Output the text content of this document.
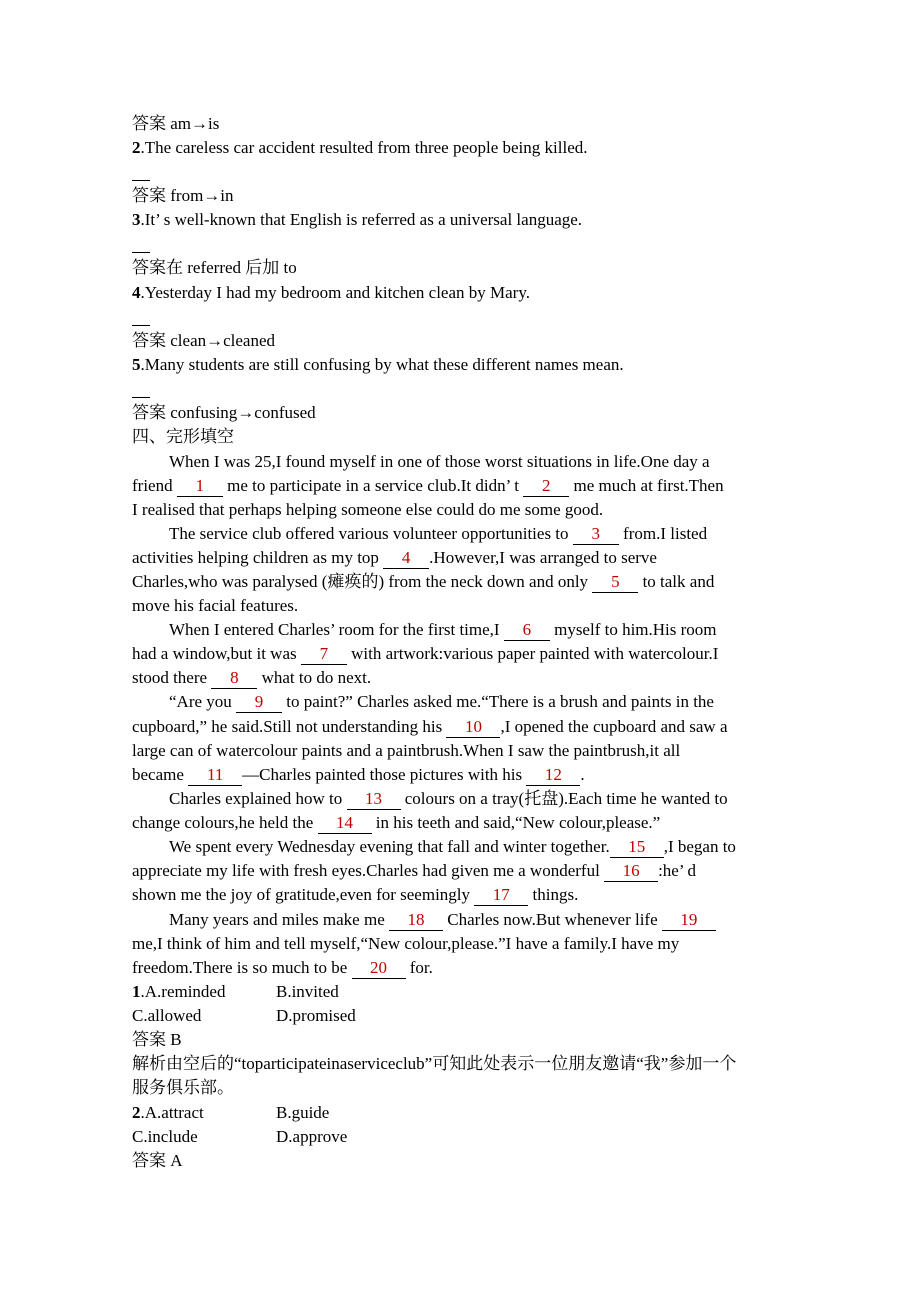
答案 am→is
2.The careless car accident resulted from three people being killed.
答案 from→in
3.It’ s well-known that English is referred as a universal language.
答案在 referred 后加 to
4.Yesterday I had my bedroom and kitchen clean by Mary.
答案 clean→cleaned
5.Many students are still confusing by what these different names mean.
答案 confusing→confused
四、完形填空
When I was 25,I found myself in one of those worst situations in life.One day a
friend 1 me to participate in a service club.It didn’ t 2 me much at first.Then
I realised that perhaps helping someone else could do me some good.
The service club offered various volunteer opportunities to 3 from.I listed
activities helping children as my top 4 .However,I was arranged to serve
Charles,who was paralysed (瘫痪的) from the neck down and only 5 to talk and
move his facial features.
When I entered Charles’ room for the first time,I 6 myself to him.His room
had a window,but it was 7 with artwork:various paper painted with watercolour.I
stood there 8 what to do next.
“Are you 9 to paint?” Charles asked me.“There is a brush and paints in the
cupboard,” he said.Still not understanding his 10 ,I opened the cupboard and saw a
large can of watercolour paints and a paintbrush.When I saw the paintbrush,it all
became 11 —Charles painted those pictures with his 12 .
Charles explained how to 13 colours on a tray(托盘).Each time he wanted to
change colours,he held the 14 in his teeth and said,“New colour,please.”
We spent every Wednesday evening that fall and winter together. 15 ,I began to
appreciate my life with fresh eyes.Charles had given me a wonderful 16 :he’ d
shown me the joy of gratitude,even for seemingly 17 things.
Many years and miles make me 18 Charles now.But whenever life 19
me,I think of him and tell myself,“New colour,please.”I have a family.I have my
freedom.There is so much to be 20 for.
1.A.reminded	B.invited
C.allowed	D.promised
答案 B
解析由空后的“toparticipateinaserviceclub”可知此处表示一位朋友邀请“我”参加一个
服务俱乐部。
2.A.attract	B.guide
C.include	D.approve
答案 A
